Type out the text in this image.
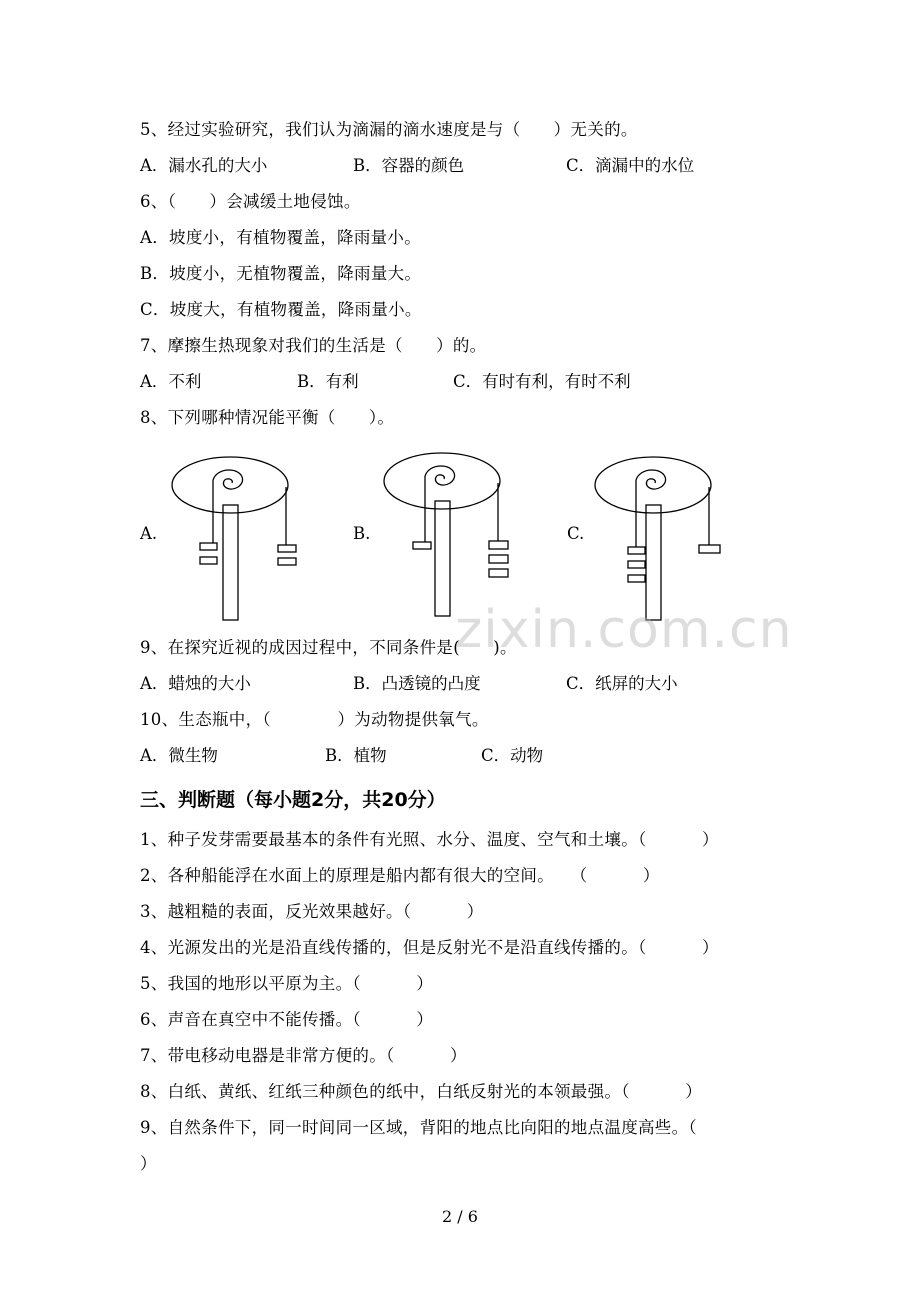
5、经过实验研究，我们认为滴漏的滴水速度是与（      ）无关的。
A．漏水孔的大小	B．容器的颜色	C．滴漏中的水位
6、（      ）会减缓土地侵蚀。
A．坡度小，有植物覆盖，降雨量小。
B．坡度小，无植物覆盖，降雨量大。
C．坡度大，有植物覆盖，降雨量小。
7、摩擦生热现象对我们的生活是（      ）的。
A．不利	B．有利	C．有时有利，有时不利
8、下列哪种情况能平衡（      ）。
A.	B.	C.
zixin.com.cn
9、在探究近视的成因过程中，不同条件是(      )。
A．蜡烛的大小	B．凸透镜的凸度	C．纸屏的大小
10、生态瓶中，（            ）为动物提供氧气。
A．微生物	B．植物	C．动物
三、判断题（每小题2分，共20分）
1、种子发芽需要最基本的条件有光照、水分、温度、空气和土壤。（          ）
2、各种船能浮在水面上的原理是船内都有很大的空间。   （          ）
3、越粗糙的表面，反光效果越好。（          ）
4、光源发出的光是沿直线传播的，但是反射光不是沿直线传播的。（          ）
5、我国的地形以平原为主。（          ）
6、声音在真空中不能传播。（          ）
7、带电移动电器是非常方便的。（          ）
8、白纸、黄纸、红纸三种颜色的纸中，白纸反射光的本领最强。（          ）
9、自然条件下，同一时间同一区域，背阳的地点比向阳的地点温度高些。（
）
2 / 6
